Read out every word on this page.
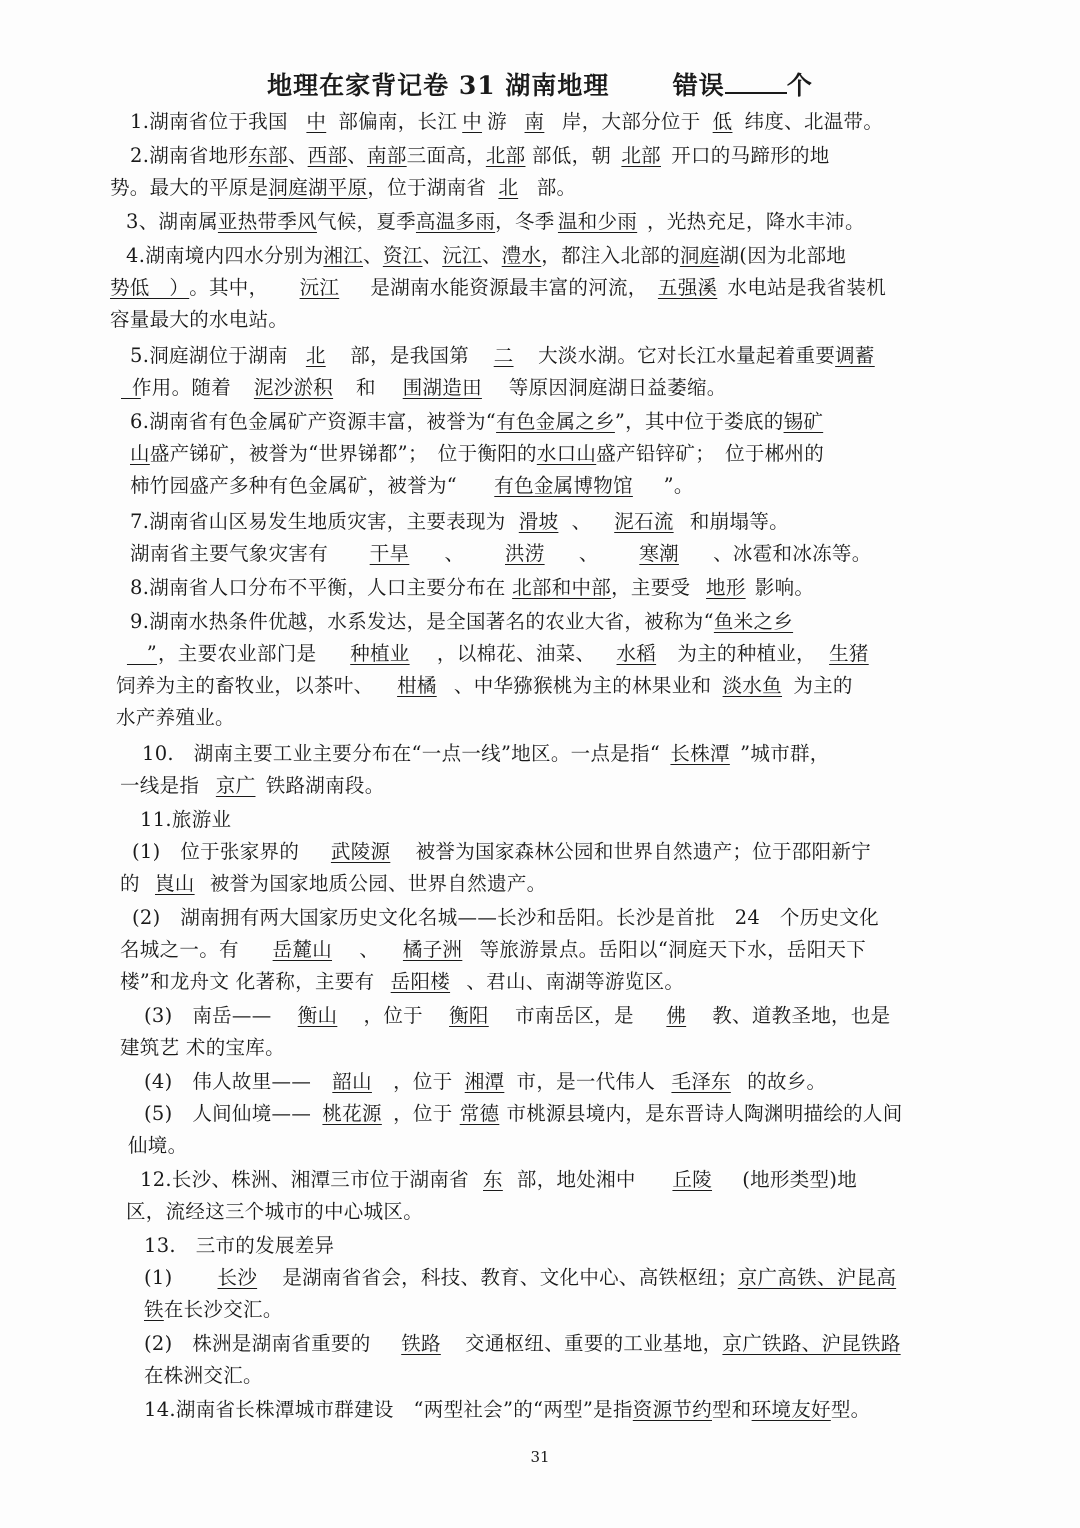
地理在家背记卷 31 湖南地理	错误 个
1.湖南省位于我国 中 部偏南，长江 中 游 南 岸，大部分位于 低 纬度、北温带。
2.湖南省地形东部、西部、南部三面高，北部 部低，朝 北部 开口的马蹄形的地
势。最大的平原是洞庭湖平原，位于湖南省 北 部。
3、湖南属亚热带季风气候，夏季高温多雨，冬季 温和少雨 ，光热充足，降水丰沛。
4.湖南境内四水分别为湘江、资江、沅江、澧水，都注入北部的洞庭湖(因为北部地
势低　）。其中， 沅江 是湖南水能资源最丰富的河流， 五强溪 水电站是我省装机
容量最大的水电站。
5.洞庭湖位于湖南 北 部，是我国第 二 大淡水湖。它对长江水量起着重要调蓄
　作用。随着 泥沙淤积 和 围湖造田 等原因洞庭湖日益萎缩。
6.湖南省有色金属矿产资源丰富，被誉为“有色金属之乡”，其中位于娄底的锡矿
山盛产锑矿，被誉为“世界锑都”；　位于衡阳的水口山盛产铅锌矿；　位于郴州的
柿竹园盛产多种有色金属矿，被誉为“ 有色金属博物馆 ”。
7.湖南省山区易发生地质灾害，主要表现为 滑坡 、 泥石流 和崩塌等。
湖南省主要气象灾害有 干旱 、 洪涝 、 寒潮 、冰雹和冰冻等。
8.湖南省人口分布不平衡，人口主要分布在 北部和中部，主要受 地形 影响。
9.湖南水热条件优越，水系发达，是全国著名的农业大省，被称为“鱼米之乡
　”，主要农业部门是 种植业 ，以棉花、油菜、 水稻 为主的种植业， 生猪
饲养为主的畜牧业，以茶叶、 柑橘 、中华猕猴桃为主的林果业和 淡水鱼 为主的
水产养殖业。
10.　湖南主要工业主要分布在“一点一线”地区。一点是指“ 长株潭 ”城市群，
一线是指 京广 铁路湖南段。
11.旅游业
(1)　位于张家界的 武陵源 被誉为国家森林公园和世界自然遗产；位于邵阳新宁
的 崀山 被誉为国家地质公园、世界自然遗产。
(2)　湖南拥有两大国家历史文化名城——长沙和岳阳。长沙是首批　24　个历史文化
名城之一。有 岳麓山 、 橘子洲 等旅游景点。岳阳以“洞庭天下水，岳阳天下
楼”和龙舟文 化著称，主要有 岳阳楼 、君山、南湖等游览区。
(3)　南岳—— 衡山 ，位于 衡阳 市南岳区，是 佛 教、道教圣地，也是
建筑艺 术的宝库。
(4)　伟人故里—— 韶山 ，位于 湘潭 市，是一代伟人 毛泽东 的故乡。
(5)　人间仙境—— 桃花源 ，位于 常德 市桃源县境内，是东晋诗人陶渊明描绘的人间
仙境。
12.长沙、株洲、湘潭三市位于湖南省 东 部，地处湘中 丘陵 (地形类型)地
区，流经这三个城市的中心城区。
13.　三市的发展差异
(1)　长沙 是湖南省省会，科技、教育、文化中心、高铁枢纽；京广高铁、沪昆高
铁在长沙交汇。
(2)　株洲是湖南省重要的 铁路 交通枢纽、重要的工业基地，京广铁路、沪昆铁路
在株洲交汇。
14.湖南省长株潭城市群建设　“两型社会”的“两型”是指资源节约型和环境友好型。
31
